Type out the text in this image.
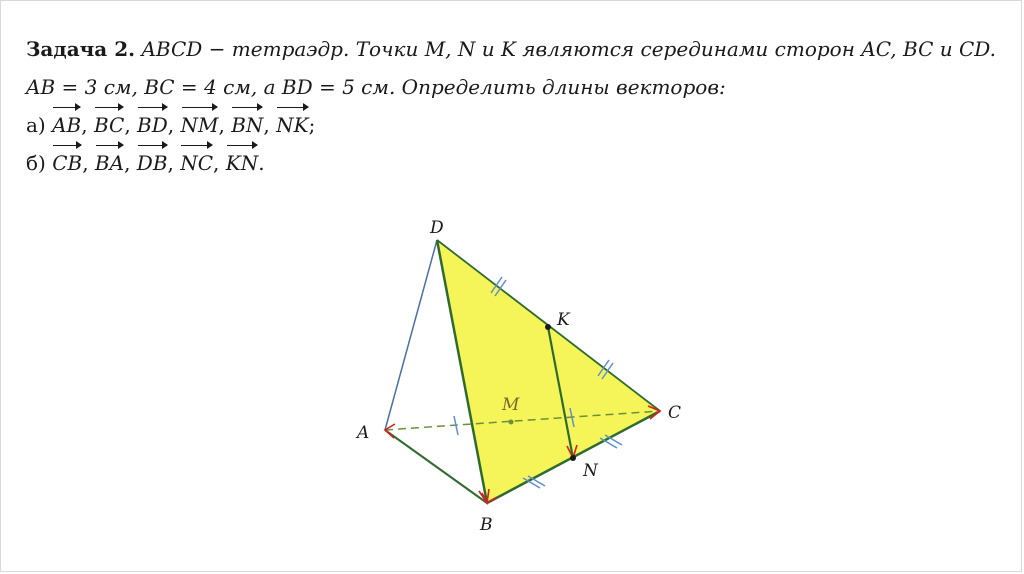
Задача 2. ABCD − тетраэдр. Точки M, N и K являются серединами сторон AC, BC и CD.
AB = 3 см, BC = 4 см, а BD = 5 см. Определить длины векторов:
а) AB, BC, BD, NM, BN, NK;
б) CB, BA, DB, NC, KN.
D
K
C
M
A
N
B
